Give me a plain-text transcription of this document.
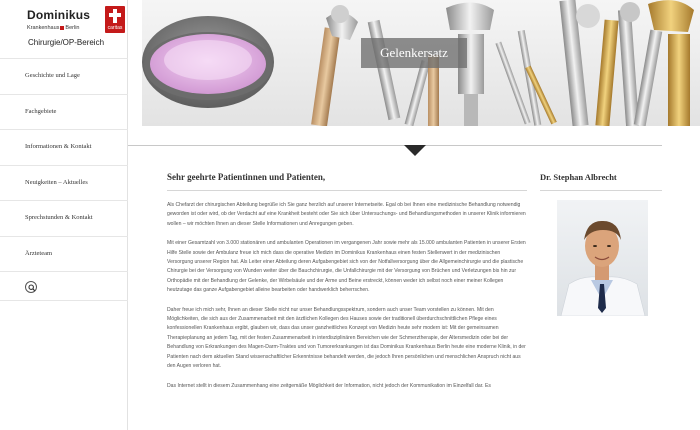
Dominikus
Krankenhaus Berlin	caritas
Chirurgie/OP-Bereich
Geschichte und Lage
Fachgebiete
Informationen & Kontakt
Neuigkeiten – Aktuelles
Sprechstunden & Kontakt
Ärzteteam
Gelenkersatz
Sehr geehrte Patientinnen und Patienten,

Als Chefarzt der chirurgischen Abteilung begrüße ich Sie ganz herzlich auf unserer Internetseite. Egal ob bei Ihnen eine medizinische Behandlung notwendig geworden ist oder wird, ob der Verdacht auf eine Krankheit besteht oder Sie sich über Untersuchungs- und Behandlungsmethoden in unserer Klinik informieren wollen – wir möchten Ihnen an dieser Stelle Informationen und Anregungen geben.

Mit einer Gesamtzahl von 3.000 stationären und ambulanten Operationen im vergangenen Jahr sowie mehr als 15.000 ambulanten Patienten in unserer Ersten Hilfe Stelle sowie der Ambulanz freue ich mich dass die operative Medizin im Dominikus Krankenhaus einen festen Stellenwert in der medizinischen Versorgung unserer Region hat. Als Leiter einer Abteilung deren Aufgabengebiet sich von der Notfallversorgung über die Allgemeinchirurgie und die plastische Chirurgie bei der Versorgung von Wunden weiter über die Bauchchirurgie, die Unfallchirurgie mit der Versorgung von Brüchen und Verletzungen bis hin zur Orthopädie mit der Behandlung der Gelenke, der Wirbelsäule und der Arme und Beine erstreckt, können weder ich selbst noch einer meiner Kollegen heutzutage das ganze Aufgabengebiet alleine bearbeiten oder handwerklich beherrschen.

Daher freue ich mich sehr, Ihnen an dieser Stelle nicht nur unser Behandlungsspektrum, sondern auch unser Team vorstellen zu können. Mit den Möglichkeiten, die sich aus der Zusammenarbeit mit den ärztlichen Kollegen des Hauses sowie der traditionell überdurchschnittlichen Pflege eines konfessionellen Krankenhaus ergibt, glauben wir, dass das unser ganzheitliches Konzept von Medizin heute sehr modern ist: Mit der gemeinsamen Therapieplanung an jedem Tag, mit der festen Zusammenarbeit in interdisziplinären Bereichen wie der Schmerztherapie, der Altersmedizin oder bei der Behandlung von Erkrankungen des Magen-Darm-Traktes und von Tumorerkrankungen ist das Dominikus Krankenhaus Berlin heute eine moderne Klinik, in der Patienten nach dem aktuellen Stand wissenschaftlicher Erkenntnisse behandelt werden, die jedoch Ihren persönlichen und menschlichen Anspruch nicht aus den Augen verloren hat.

Das Internet stellt in diesem Zusammenhang eine zeitgemäße Möglichkeit der Information, nicht jedoch der Kommunikation im Einzelfall dar. Es

Dr. Stephan Albrecht
